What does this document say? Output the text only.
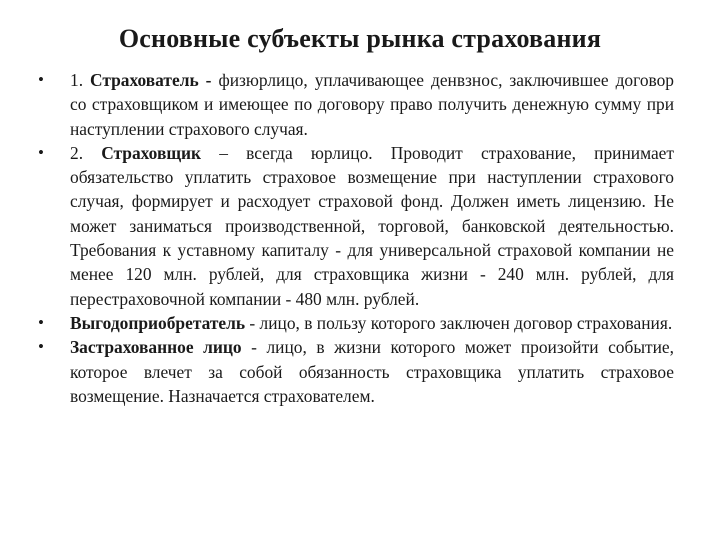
Основные субъекты рынка страхования
•	1. Страхователь - физюрлицо, уплачивающее денвзнос, заключившее договор со страховщиком и имеющее по договору право получить денежную сумму при наступлении страхового случая.
•	2. Страховщик – всегда юрлицо. Проводит страхование, принимает обязательство уплатить страховое возмещение при наступлении страхового случая, формирует и расходует страховой фонд. Должен иметь лицензию. Не может заниматься производственной, торговой, банковской деятельностью. Требования к уставному капиталу - для универсальной страховой компании не менее 120 млн. рублей, для страховщика жизни - 240 млн. рублей, для перестраховочной компании - 480 млн. рублей.
•	Выгодоприобретатель - лицо, в пользу которого заключен договор страхования.
•	Застрахованное лицо - лицо, в жизни которого может произойти событие, которое влечет за собой обязанность страховщика уплатить страховое возмещение. Назначается страхователем.
